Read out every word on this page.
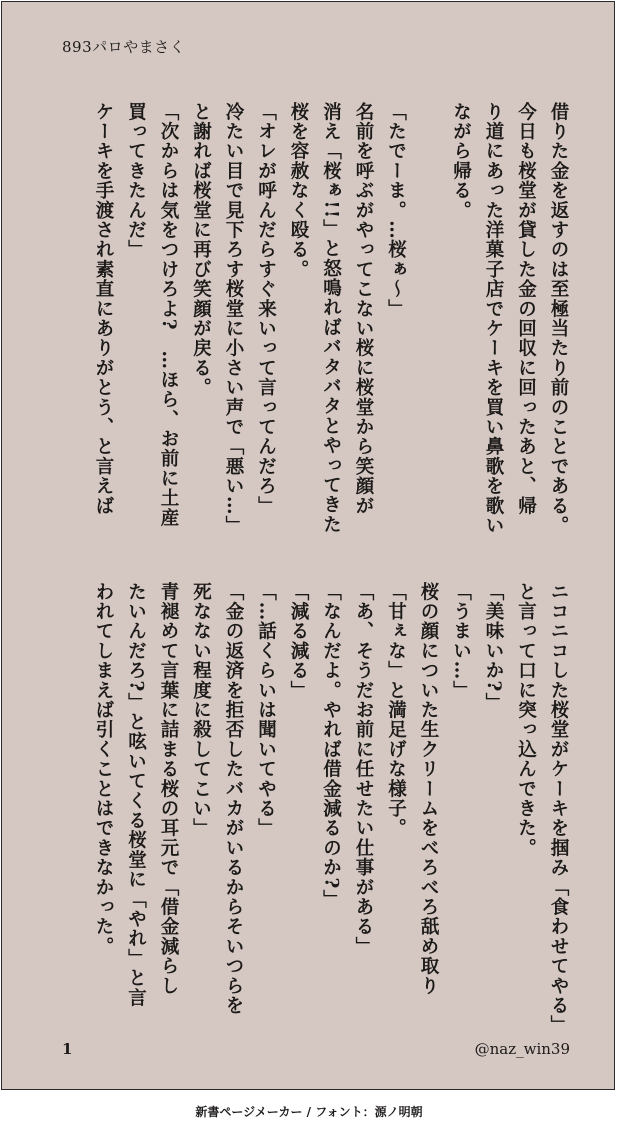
893パロやまさく
借りた金を返すのは至極当たり前のことである。
今日も桜堂が貸した金の回収に回ったあと、帰
り道にあった洋菓子店でケーキを買い鼻歌を歌い
ながら帰る。

「たでーま。…桜ぁ〜」
名前を呼ぶがやってこない桜に桜堂から笑顔が
消え「桜ぁ!!」と怒鳴ればバタバタとやってきた
桜を容赦なく殴る。
「オレが呼んだらすぐ来いって言ってんだろ」
冷たい目で見下ろす桜堂に小さい声で「悪い…」
と謝れば桜堂に再び笑顔が戻る。
「次からは気をつけろよ?　…ほら、お前に土産
買ってきたんだ」
ケーキを手渡され素直にありがとう、と言えば
ニコニコした桜堂がケーキを掴み「食わせてやる」
と言って口に突っ込んできた。
「美味いか?」
「うまい…」
桜の顔についた生クリームをべろべろ舐め取り
「甘ぇな」と満足げな様子。
「あ、そうだお前に任せたい仕事がある」
「なんだよ。やれば借金減るのか?」
「減る減る」
「…話くらいは聞いてやる」
「金の返済を拒否したバカがいるからそいつらを
死なない程度に殺してこい」
青褪めて言葉に詰まる桜の耳元で「借金減らし
たいんだろ?」と呟いてくる桜堂に「やれ」と言
われてしまえば引くことはできなかった。
1	@naz_win39
新書ページメーカー / フォント：源ノ明朝
